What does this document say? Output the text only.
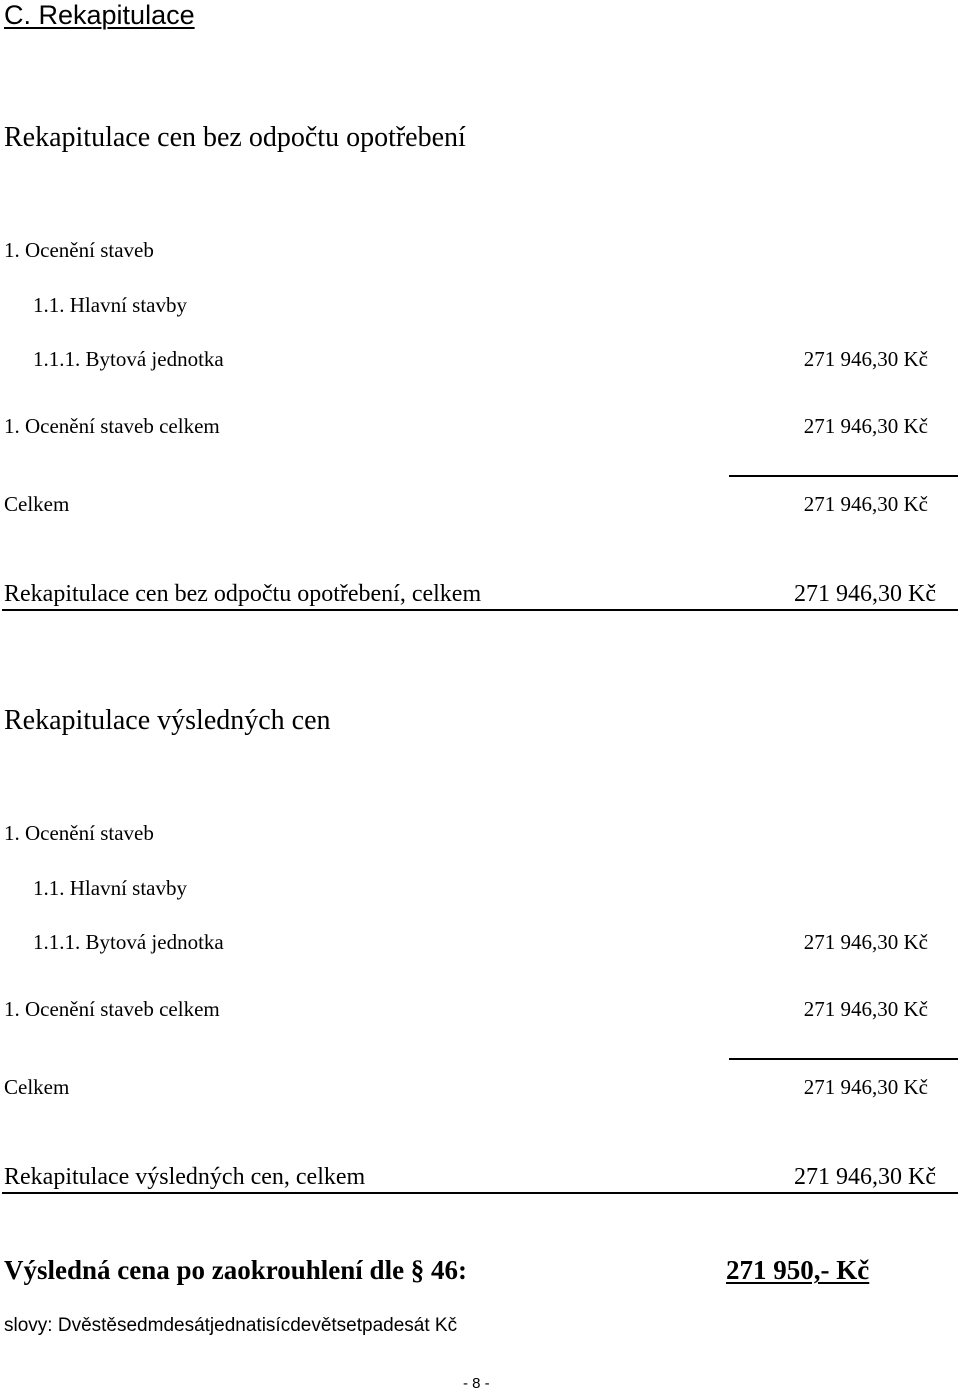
C. Rekapitulace
Rekapitulace cen bez odpočtu opotřebení
1. Ocenění staveb
1.1. Hlavní stavby
1.1.1. Bytová jednotka	271 946,30 Kč
1. Ocenění staveb celkem	271 946,30 Kč
Celkem	271 946,30 Kč
Rekapitulace cen bez odpočtu opotřebení, celkem	271 946,30 Kč
Rekapitulace výsledných cen
1. Ocenění staveb
1.1. Hlavní stavby
1.1.1. Bytová jednotka	271 946,30 Kč
1. Ocenění staveb celkem	271 946,30 Kč
Celkem	271 946,30 Kč
Rekapitulace výsledných cen, celkem	271 946,30 Kč
Výsledná cena po zaokrouhlení dle § 46:	271 950,- Kč
slovy: Dvěstěsedmdesátjednatisícdevětsetpadesát Kč
- 8 -
